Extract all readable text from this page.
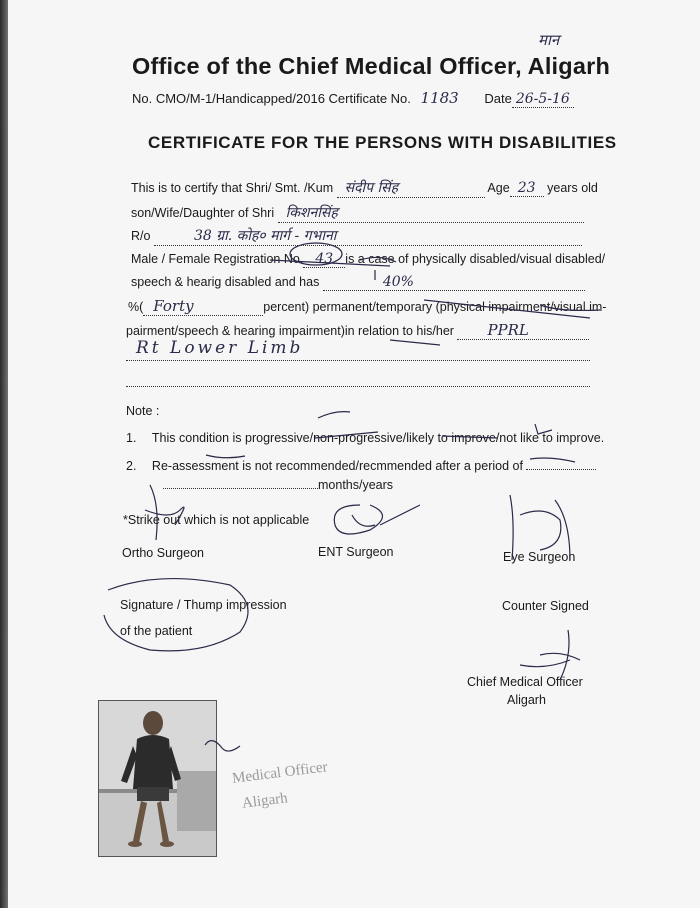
मान
Office of the Chief Medical Officer, Aligarh
No. CMO/M-1/Handicapped/2016 Certificate No. 1183 Date 26-5-16
CERTIFICATE FOR THE PERSONS WITH DISABILITIES
This is to certify that Shri/ Smt. /Kum संदीप सिंह	Age 23 years old
son/Wife/Daughter of Shri किशनसिंह
R/o	38 ग्रा. कोह० मार्ग - गभाना
Male / Female Registration No. 43 is a case of physically disabled/visual disabled/
speech & hearig disabled and has	40%
%( Forty	percent) permanent/temporary (physical impairment/visual im-
pairment/speech & hearing impairment)in relation to his/her PPRL
Rt Lower Limb
Note :
1. This condition is progressive/non-progressive/likely to improve/not like to improve.
2. Re-assessment is not recommended/recmmended after a period of
months/years
*Strike out which is not applicable
Ortho Surgeon	ENT Surgeon	Eye Surgeon
Signature / Thump impression
of the patient
Counter Signed
Chief Medical Officer
Aligarh
Medical Officer
Aligarh
